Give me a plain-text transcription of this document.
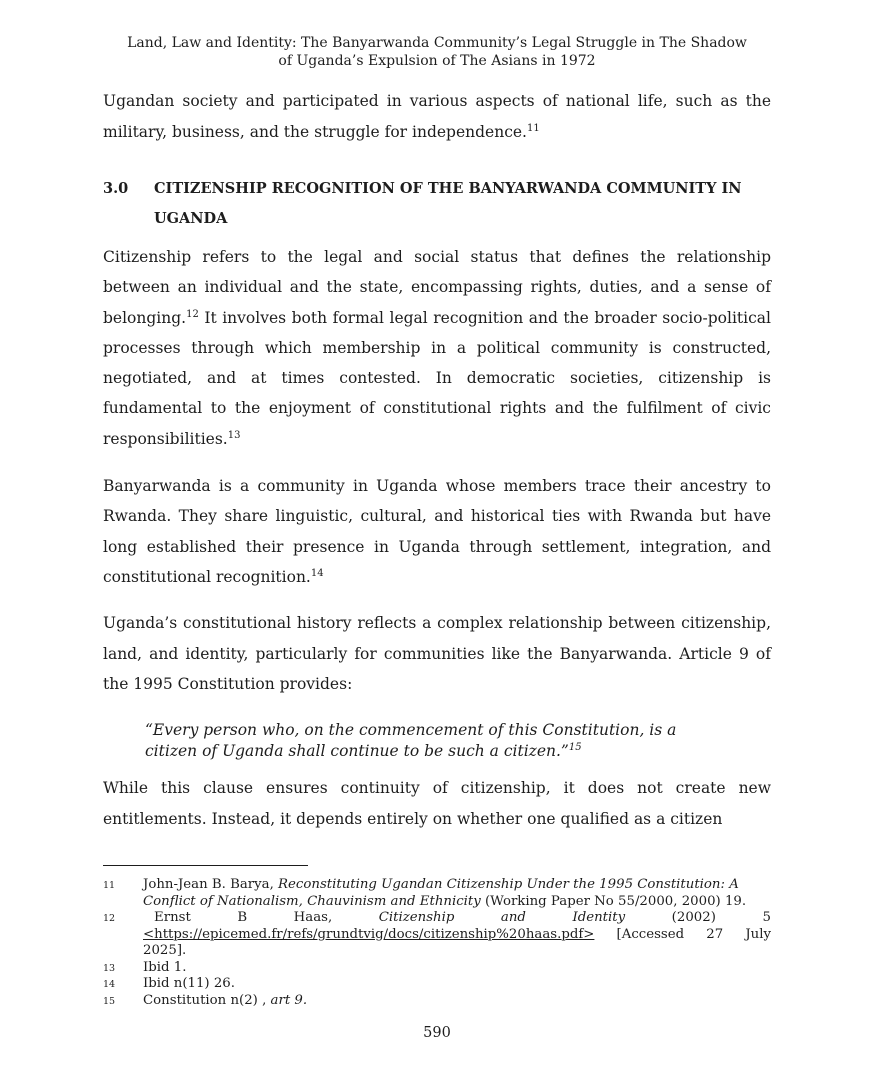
Land, Law and Identity: The Banyarwanda Community’s Legal Struggle in The Shadow
of Uganda’s Expulsion of The Asians in 1972

Ugandan society and participated in various aspects of national life, such as the military, business, and the struggle for independence.$^{11}$

3.0 CITIZENSHIP RECOGNITION OF THE BANYARWANDA COMMUNITY IN UGANDA

Citizenship refers to the legal and social status that defines the relationship between an individual and the state, encompassing rights, duties, and a sense of belonging.$^{12}$ It involves both formal legal recognition and the broader socio-political processes through which membership in a political community is constructed, negotiated, and at times contested. In democratic societies, citizenship is fundamental to the enjoyment of constitutional rights and the fulfilment of civic responsibilities.$^{13}$

Banyarwanda is a community in Uganda whose members trace their ancestry to Rwanda. They share linguistic, cultural, and historical ties with Rwanda but have long established their presence in Uganda through settlement, integration, and constitutional recognition.$^{14}$

Uganda’s constitutional history reflects a complex relationship between citizenship, land, and identity, particularly for communities like the Banyarwanda. Article 9 of the 1995 Constitution provides:

“Every person who, on the commencement of this Constitution, is a
citizen of Uganda shall continue to be such a citizen.”$^{15}$

While this clause ensures continuity of citizenship, it does not create new entitlements. Instead, it depends entirely on whether one qualified as a citizen

11 John-Jean B. Barya, Reconstituting Ugandan Citizenship Under the 1995 Constitution: A Conflict of Nationalism, Chauvinism and Ethnicity (Working Paper No 55/2000, 2000) 19.
12	Ernst	B	Haas,	Citizenship	and	Identity	(2002)	5
<https://epicemed.fr/refs/grundtvig/docs/citizenship%20haas.pdf> [Accessed 27 July
2025].
13 Ibid 1.
14 Ibid n(11) 26.
15 Constitution n(2) , art 9.
590
